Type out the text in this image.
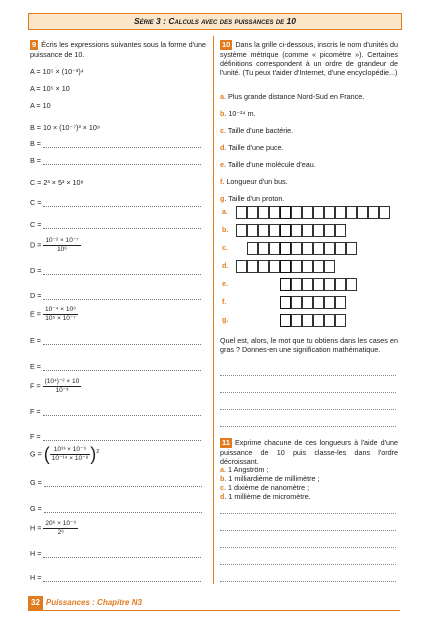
Série 3 : Calculs avec des puissances de 10

9 Écris les expressions suivantes sous la forme d'une puissance de 10.

A = 10⁵ × (10⁻³)⁴
A = 10⁵ × 10
A = 10
B = 10 × (10⁻⁷)³ × 10⁹
B =
B =
C = 2³ × 5³ × 10⁸
C =
C =
$D = \frac{\text{10⁻² × 10⁻⁷}}{\text{10⁶}}$
D =
D =
$E = \frac{\text{10⁻⁴ × 10⁹}}{\text{10⁵ × 10⁻⁷}}$
E =
E =
$F = \frac{\text{(10⁴)⁻² × 10}}{\text{10⁻³}}$
F =
F =
G = ( $\frac{\text{10¹³ × 10⁻⁹}}{\text{10⁻¹⁴ × 10⁻⁸}} )^2$
G =
G =
$H = \frac{\text{20⁶ × 10⁻⁹}}{\text{2⁶}}$
H =
H =

10 Dans la grille ci-dessous, inscris le nom d'unités du système métrique (comme « picomètre »). Certaines définitions correspondent à un ordre de grandeur de l'unité. (Tu peux t'aider d'Internet, d'une encyclopédie...)

a. Plus grande distance Nord-Sud en France.
b. 10⁻²⁴ m.
c. Taille d'une bactérie.
d. Taille d'une puce.
e. Taille d'une molécule d'eau.
f. Longueur d'un bus.
g. Taille d'un proton.
a.
b.
c.
d.
e.
f.
g.

Quel est, alors, le mot que tu obtiens dans les cases en gras ? Donnes-en une signification mathématique.

11 Exprime chacune de ces longueurs à l'aide d'une puissance de 10 puis classe-les dans l'ordre décroissant.

a. 1 Angström ;
b. 1 milliardième de millimètre ;
c. 1 dixième de nanomètre ;
d. 1 millième de micromètre.
32 Puissances : Chapitre N3
